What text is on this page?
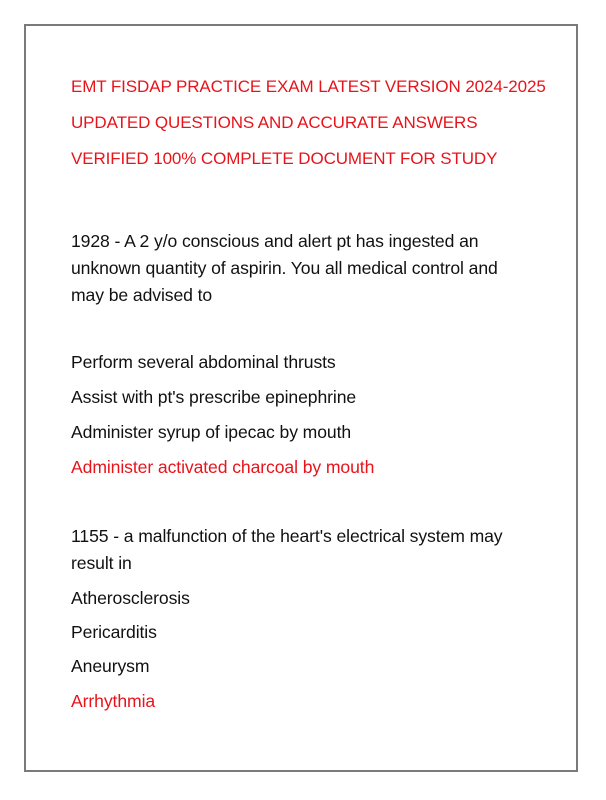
EMT FISDAP PRACTICE EXAM LATEST VERSION 2024-2025
UPDATED QUESTIONS AND ACCURATE ANSWERS
VERIFIED 100% COMPLETE DOCUMENT FOR STUDY
1928 - A 2 y/o conscious and alert pt has ingested an
unknown quantity of aspirin. You all medical control and
may be advised to
Perform several abdominal thrusts
Assist with pt's prescribe epinephrine
Administer syrup of ipecac by mouth
Administer activated charcoal by mouth
1155 - a malfunction of the heart's electrical system may
result in
Atherosclerosis
Pericarditis
Aneurysm
Arrhythmia
